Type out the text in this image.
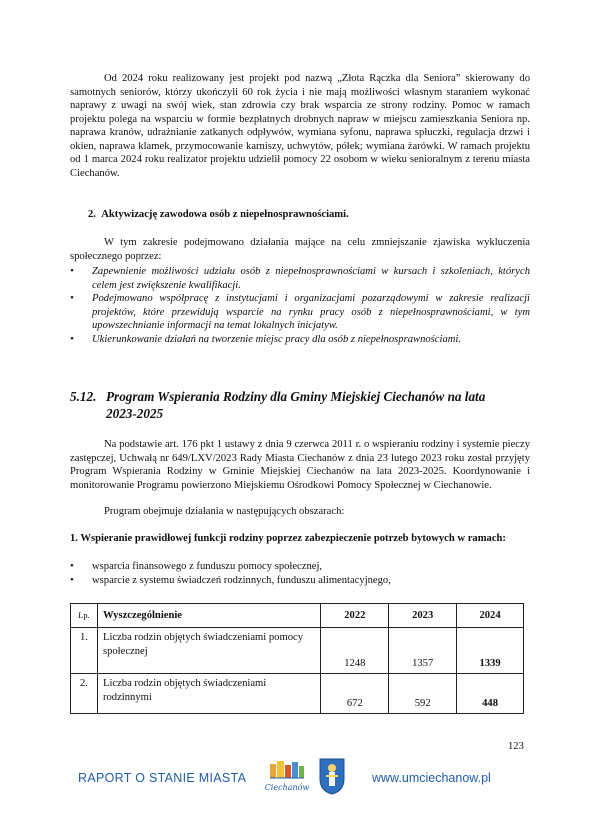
Od 2024 roku realizowany jest projekt pod nazwą „Złota Rączka dla Seniora” skierowany do samotnych seniorów, którzy ukończyli 60 rok życia i nie mają możliwości własnym staraniem wykonać naprawy z uwagi na swój wiek, stan zdrowia czy brak wsparcia ze strony rodziny. Pomoc w ramach projektu polega na wsparciu w formie bezpłatnych drobnych napraw w miejscu zamieszkania Seniora np. naprawa kranów, udrażnianie zatkanych odpływów, wymiana syfonu, naprawa spłuczki, regulacja drzwi i okien, naprawa klamek, przymocowanie karniszy, uchwytów, półek; wymiana żarówki. W ramach projektu od 1 marca 2024 roku realizator projektu udzielił pomocy 22 osobom w wieku senioralnym z terenu miasta Ciechanów.

2. Aktywizację zawodowa osób z niepełnosprawnościami.

W tym zakresie podejmowano działania mające na celu zmniejszanie zjawiska wykluczenia społecznego poprzez:

• Zapewnienie możliwości udziału osób z niepełnosprawnościami w kursach i szkoleniach, których celem jest zwiększenie kwalifikacji.
• Podejmowano współpracę z instytucjami i organizacjami pozarządowymi w zakresie realizacji projektów, które przewidują wsparcie na rynku pracy osób z niepełnosprawnościami, w tym upowszechnianie informacji na temat lokalnych inicjatyw.
• Ukierunkowanie działań na tworzenie miejsc pracy dla osób z niepełnosprawnościami.
5.12. Program Wspierania Rodziny dla Gminy Miejskiej Ciechanów na lata
2023-2025

Na podstawie art. 176 pkt 1 ustawy z dnia 9 czerwca 2011 r. o wspieraniu rodziny i systemie pieczy zastępczej, Uchwałą nr 649/LXV/2023 Rady Miasta Ciechanów z dnia 23 lutego 2023 roku został przyjęty Program Wspierania Rodziny w Gminie Miejskiej Ciechanów na lata 2023-2025. Koordynowanie i monitorowanie Programu powierzono Miejskiemu Ośrodkowi Pomocy Społecznej w Ciechanowie.

Program obejmuje działania w następujących obszarach:

1. Wspieranie prawidłowej funkcji rodziny poprzez zabezpieczenie potrzeb bytowych w ramach:

• wsparcia finansowego z funduszu pomocy społecznej,
• wsparcie z systemu świadczeń rodzinnych, funduszu alimentacyjnego,
Lp.	Wyszczególnienie	2022	2023	2024
1.	Liczba rodzin objętych świadczeniami pomocy społecznej	1248	1357	1339
2.	Liczba rodzin objętych świadczeniami rodzinnymi	672	592	448
123
RAPORT O STANIE MIASTA
Ciechanów
www.umciechanow.pl
